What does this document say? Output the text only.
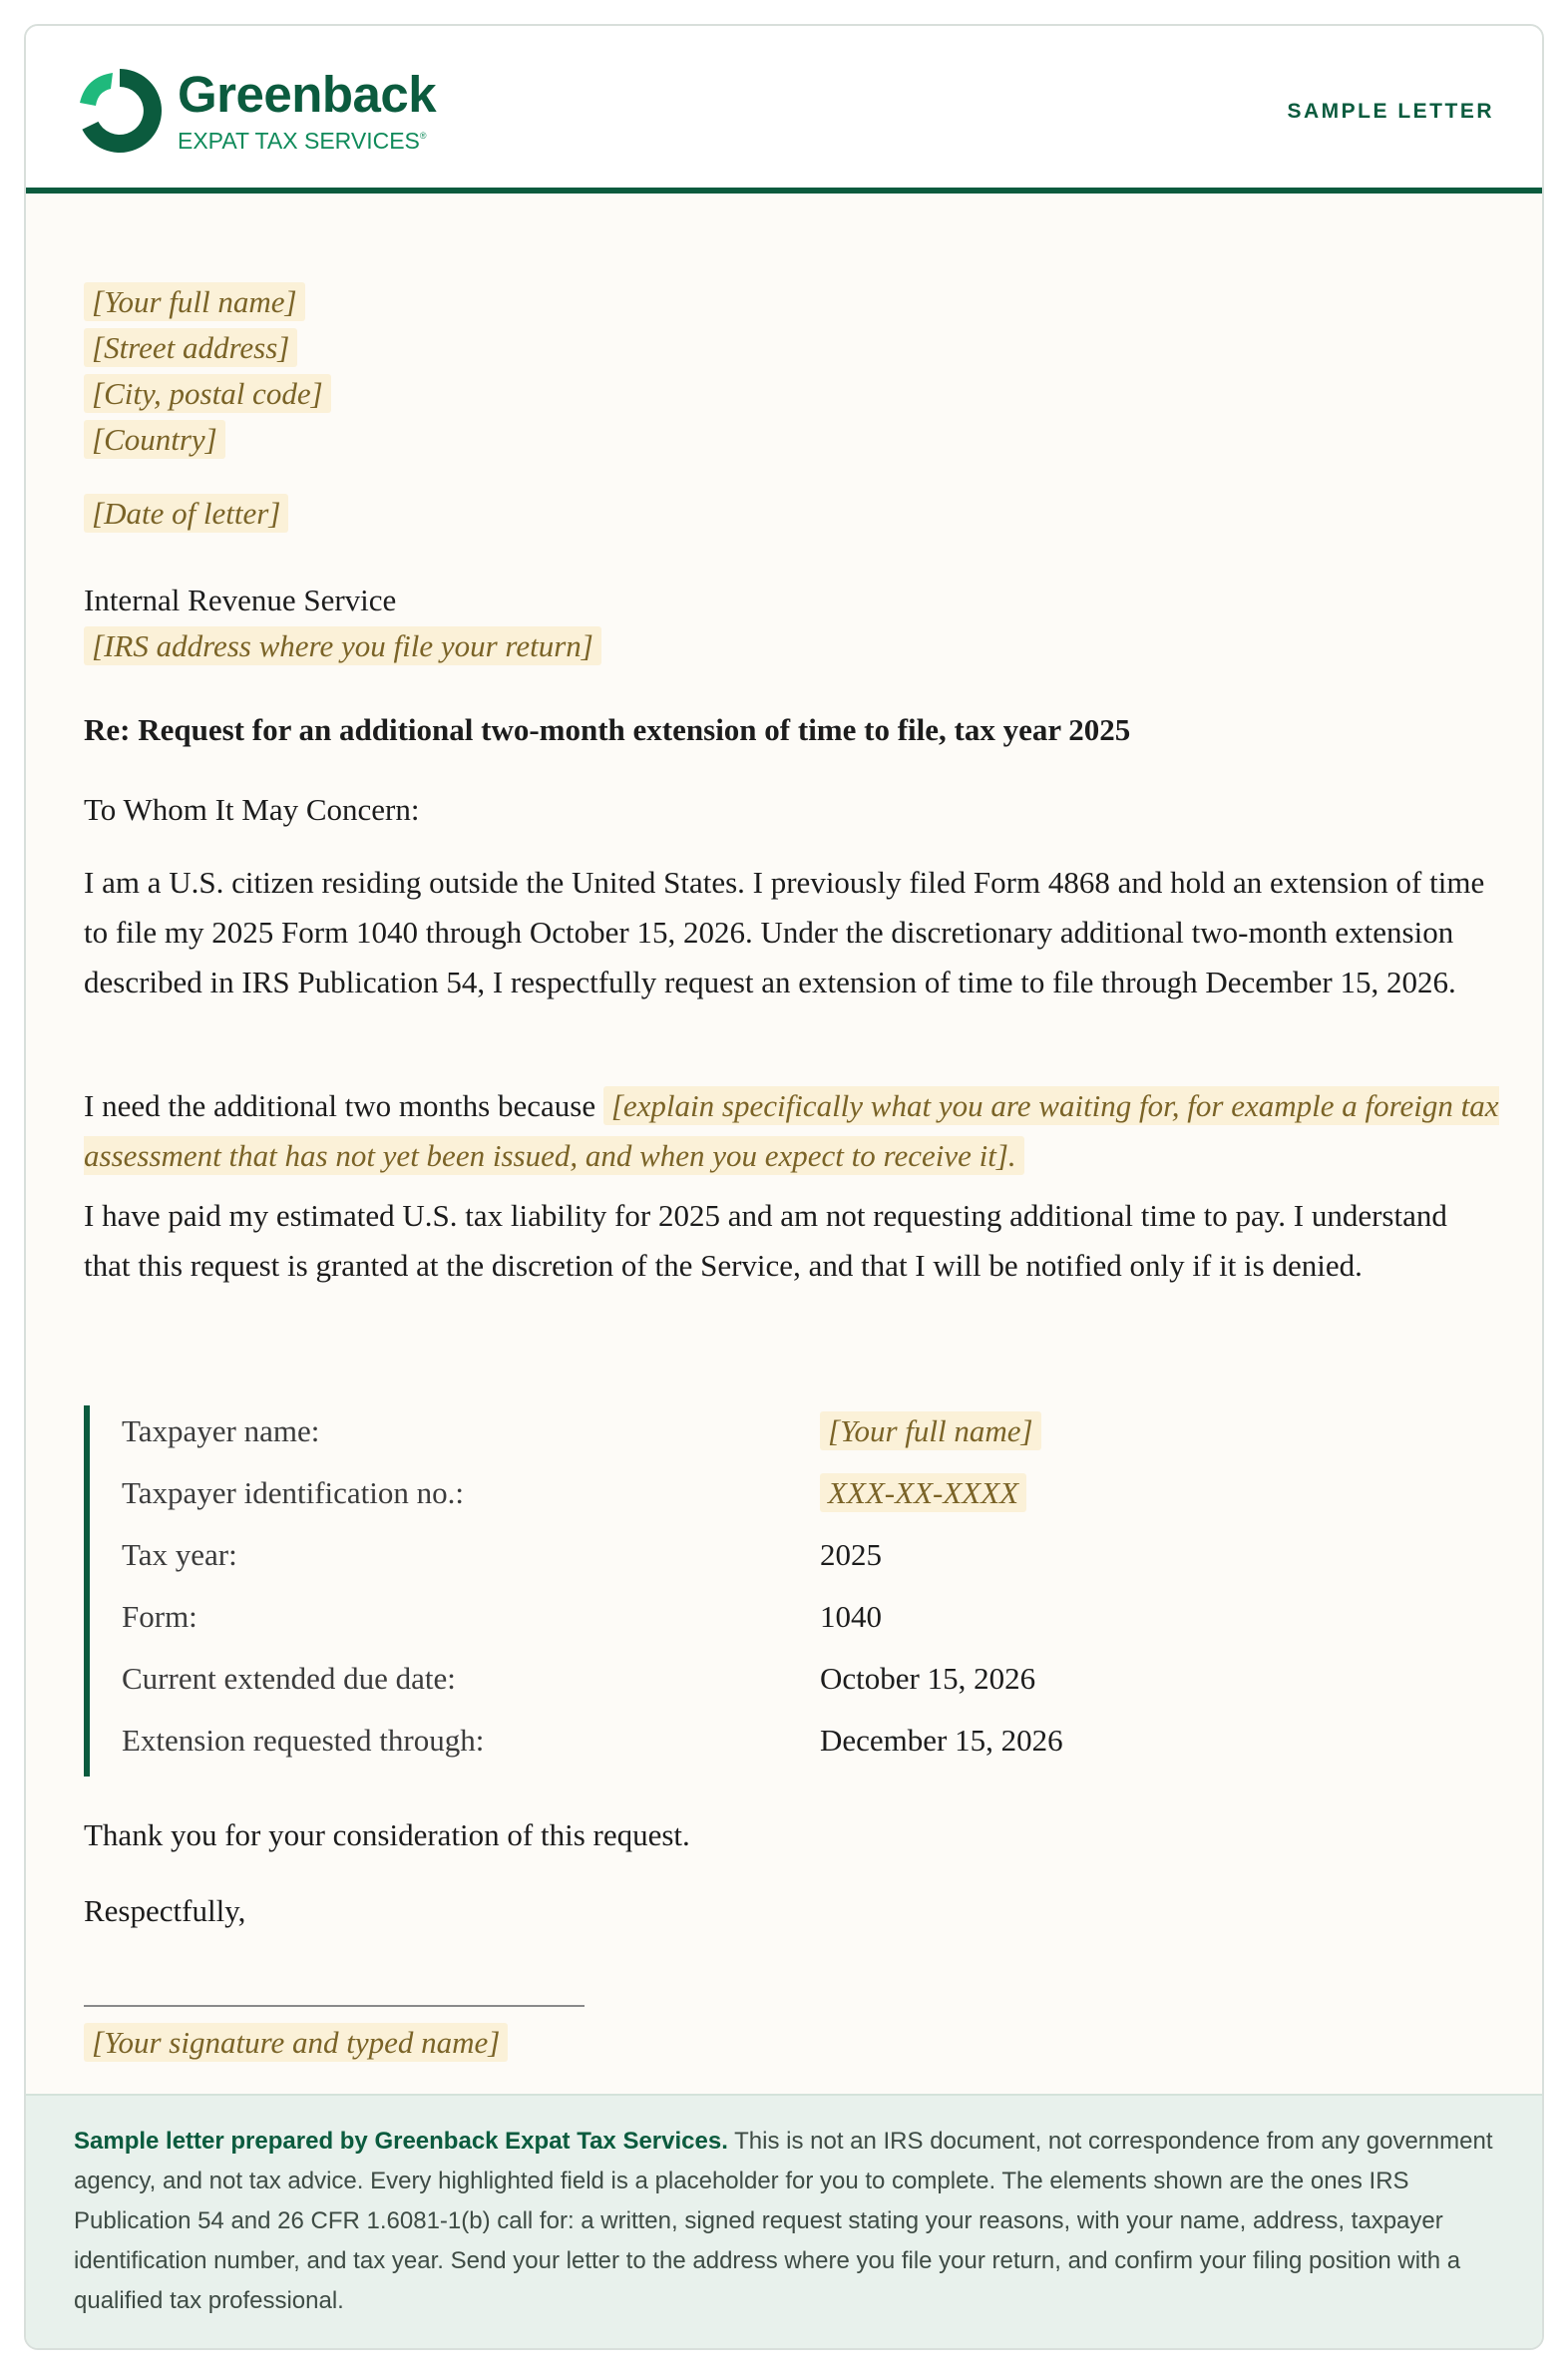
Greenback
EXPAT TAX SERVICES®
SAMPLE LETTER
[Your full name]
[Street address]
[City, postal code]
[Country]
[Date of letter]
Internal Revenue Service
[IRS address where you file your return]
Re: Request for an additional two-month extension of time to file, tax year 2025
To Whom It May Concern:
I am a U.S. citizen residing outside the United States. I previously filed Form 4868 and hold an extension of time to file my 2025 Form 1040 through October 15, 2026. Under the discretionary additional two-month extension described in IRS Publication 54, I respectfully request an extension of time to file through December 15, 2026.
I need the additional two months because [explain specifically what you are waiting for, for example a foreign tax assessment that has not yet been issued, and when you expect to receive it].
I have paid my estimated U.S. tax liability for 2025 and am not requesting additional time to pay. I understand that this request is granted at the discretion of the Service, and that I will be notified only if it is denied.
Taxpayer name:	[Your full name]
Taxpayer identification no.:	XXX-XX-XXXX
Tax year:	2025
Form:	1040
Current extended due date:	October 15, 2026
Extension requested through:	December 15, 2026
Thank you for your consideration of this request.
Respectfully,
[Your signature and typed name]
Sample letter prepared by Greenback Expat Tax Services. This is not an IRS document, not correspondence from any government agency, and not tax advice. Every highlighted field is a placeholder for you to complete. The elements shown are the ones IRS Publication 54 and 26 CFR 1.6081-1(b) call for: a written, signed request stating your reasons, with your name, address, taxpayer identification number, and tax year. Send your letter to the address where you file your return, and confirm your filing position with a qualified tax professional.
